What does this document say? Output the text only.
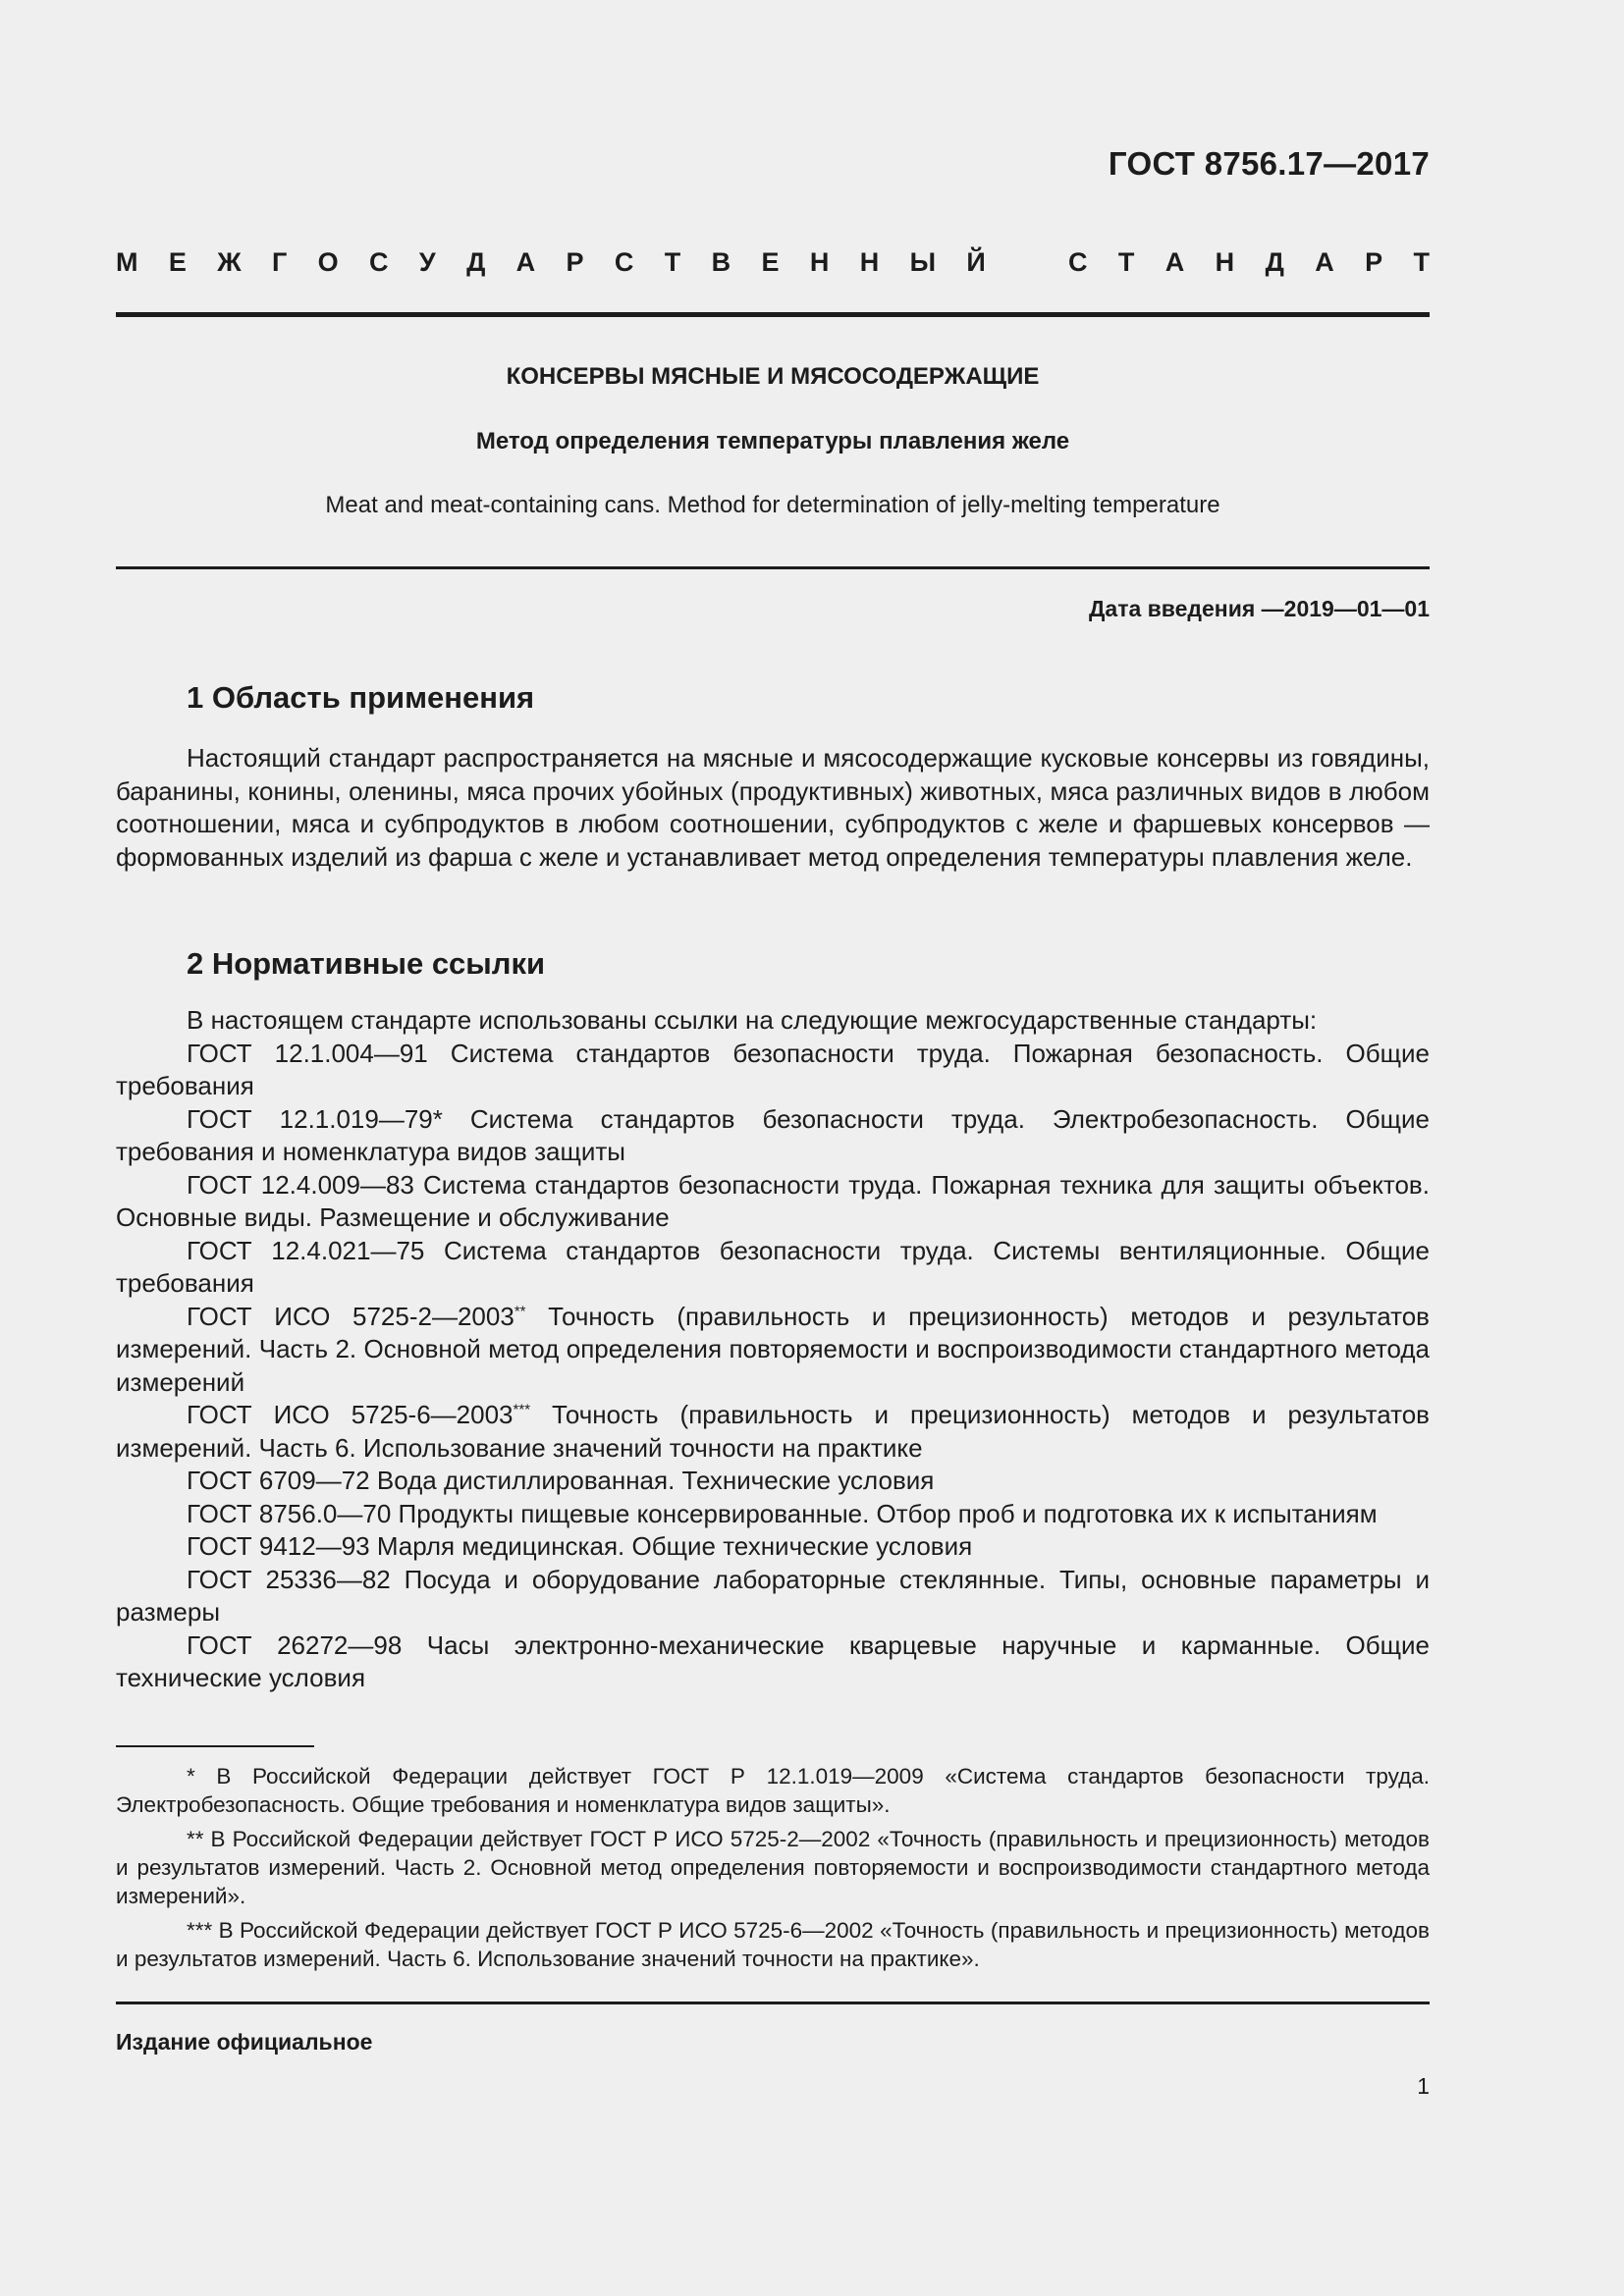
ГОСТ 8756.17—2017

М Е Ж Г О С У Д А Р С Т В Е Н Н Ы Й	С Т А Н Д А Р Т

КОНСЕРВЫ МЯСНЫЕ И МЯСОСОДЕРЖАЩИЕ

Метод определения температуры плавления желе

Meat and meat-containing cans. Method for determination of jelly-melting temperature

Дата введения —2019—01—01

1 Область применения

Настоящий стандарт распространяется на мясные и мясосодержащие кусковые консервы из говядины, баранины, конины, оленины, мяса прочих убойных (продуктивных) животных, мяса различных видов в любом соотношении, мяса и субпродуктов в любом соотношении, субпродуктов с желе и фаршевых консервов — формованных изделий из фарша с желе и устанавливает метод определения температуры плавления желе.

2 Нормативные ссылки

В настоящем стандарте использованы ссылки на следующие межгосударственные стандарты:

ГОСТ 12.1.004—91 Система стандартов безопасности труда. Пожарная безопасность. Общие требования

ГОСТ 12.1.019—79* Система стандартов безопасности труда. Электробезопасность. Общие требования и номенклатура видов защиты

ГОСТ 12.4.009—83 Система стандартов безопасности труда. Пожарная техника для защиты объектов. Основные виды. Размещение и обслуживание

ГОСТ 12.4.021—75 Система стандартов безопасности труда. Системы вентиляционные. Общие требования

ГОСТ ИСО 5725-2—2003** Точность (правильность и прецизионность) методов и результатов измерений. Часть 2. Основной метод определения повторяемости и воспроизводимости стандартного метода измерений

ГОСТ ИСО 5725-6—2003*** Точность (правильность и прецизионность) методов и результатов измерений. Часть 6. Использование значений точности на практике

ГОСТ 6709—72 Вода дистиллированная. Технические условия

ГОСТ 8756.0—70 Продукты пищевые консервированные. Отбор проб и подготовка их к испытаниям

ГОСТ 9412—93 Марля медицинская. Общие технические условия

ГОСТ 25336—82 Посуда и оборудование лабораторные стеклянные. Типы, основные параметры и размеры

ГОСТ 26272—98 Часы электронно-механические кварцевые наручные и карманные. Общие технические условия

* В Российской Федерации действует ГОСТ Р 12.1.019—2009 «Система стандартов безопасности труда. Электробезопасность. Общие требования и номенклатура видов защиты».

** В Российской Федерации действует ГОСТ Р ИСО 5725-2—2002 «Точность (правильность и прецизионность) методов и результатов измерений. Часть 2. Основной метод определения повторяемости и воспроизводимости стандартного метода измерений».

*** В Российской Федерации действует ГОСТ Р ИСО 5725-6—2002 «Точность (правильность и прецизионность) методов и результатов измерений. Часть 6. Использование значений точности на практике».

Издание официальное

1
